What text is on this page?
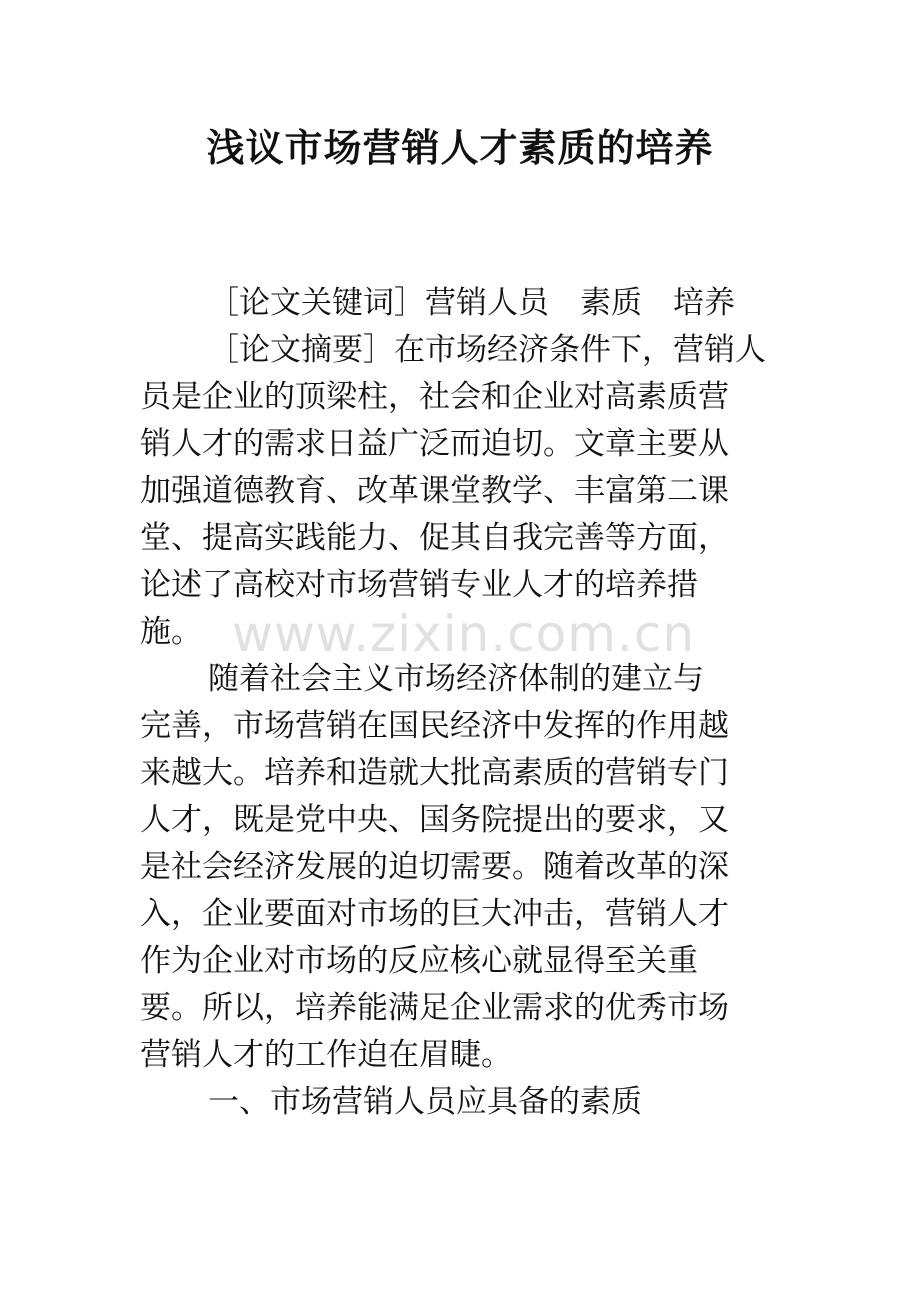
浅议市场营销人才素质的培养
［论文关键词］营销人员　素质　培养
［论文摘要］在市场经济条件下，营销人
员是企业的顶梁柱，社会和企业对高素质营
销人才的需求日益广泛而迫切。文章主要从
加强道德教育、改革课堂教学、丰富第二课
堂、提高实践能力、促其自我完善等方面，
论述了高校对市场营销专业人才的培养措
施。
随着社会主义市场经济体制的建立与
完善，市场营销在国民经济中发挥的作用越
来越大。培养和造就大批高素质的营销专门
人才，既是党中央、国务院提出的要求，又
是社会经济发展的迫切需要。随着改革的深
入，企业要面对市场的巨大冲击，营销人才
作为企业对市场的反应核心就显得至关重
要。所以，培养能满足企业需求的优秀市场
营销人才的工作迫在眉睫。
一、市场营销人员应具备的素质
www.zixin.com.cn
